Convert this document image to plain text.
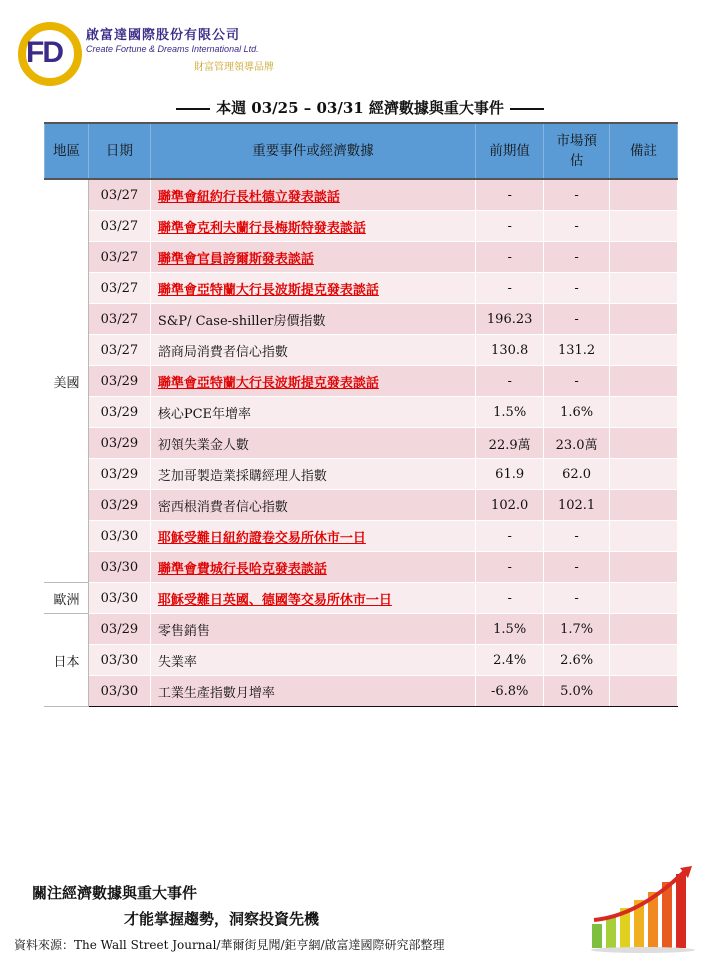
FD
啟富達國際股份有限公司
Create Fortune & Dreams International Ltd.
財富管理領導品牌
本週 03/25 – 03/31 經濟數據與重大事件
地區	日期	重要事件或經濟數據	前期值	市場預估	備註
美國	03/27	聯準會紐約行長杜德立發表談話	-	-	
	03/27	聯準會克利夫蘭行長梅斯特發表談話	-	-	
	03/27	聯準會官員誇爾斯發表談話	-	-	
	03/27	聯準會亞特蘭大行長波斯提克發表談話	-	-	
	03/27	S&P/ Case-shiller房價指數	196.23	-	
	03/27	諮商局消費者信心指數	130.8	131.2	
	03/29	聯準會亞特蘭大行長波斯提克發表談話	-	-	
	03/29	核心PCE年增率	1.5%	1.6%	
	03/29	初領失業金人數	22.9萬	23.0萬	
	03/29	芝加哥製造業採購經理人指數	61.9	62.0	
	03/29	密西根消費者信心指數	102.0	102.1	
	03/30	耶穌受難日紐約證卷交易所休市一日	-	-	
	03/30	聯準會費城行長哈克發表談話	-	-	
歐洲	03/30	耶穌受難日英國、德國等交易所休市一日	-	-	
日本	03/29	零售銷售	1.5%	1.7%	
	03/30	失業率	2.4%	2.6%	
	03/30	工業生產指數月增率	-6.8%	5.0%	
關注經濟數據與重大事件
才能掌握趨勢，洞察投資先機
資料來源：The Wall Street Journal/華爾街見聞/鉅亨網/啟富達國際研究部整理
